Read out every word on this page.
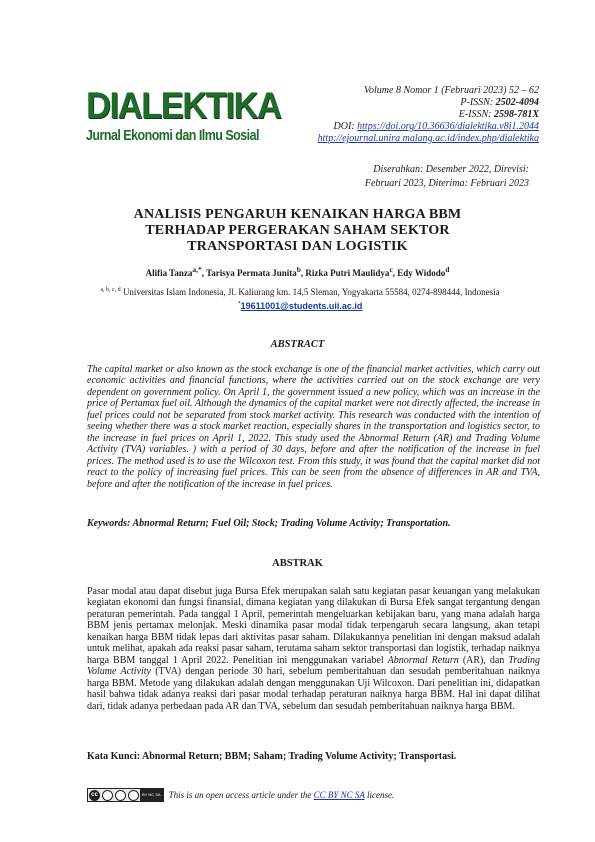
DIALEKTIKA
Jurnal Ekonomi dan Ilmu Sosial
Volume 8 Nomor 1 (Februari 2023) 52 – 62
P-ISSN: 2502-4094
E-ISSN: 2598-781X
DOI: https://doi.org/10.36636/dialektika.v8i1.2044
http://ejournal.unira malang.ac.id/index.php/dialektika
Diserahkan: Desember 2022, Direvisi:
Februari 2023, Diterima: Februari 2023
ANALISIS PENGARUH KENAIKAN HARGA BBM
TERHADAP PERGERAKAN SAHAM SEKTOR
TRANSPORTASI DAN LOGISTIK
Alifia Tanza$^{a,*}$, Tarisya Permata Junita$^b$, Rizka Putri Maulidya$^c$, Edy Widodo$^d$
$^{a, b, c, d}$ Universitas Islam Indonesia, Jl. Kaliurang km. 14,5 Sleman, Yogyakarta 55584, 0274-898444, Indonesia
*19611001@students.uii.ac.id
ABSTRACT
The capital market or also known as the stock exchange is one of the financial market activities, which carry out economic activities and financial functions, where the activities carried out on the stock exchange are very dependent on government policy. On April 1, the government issued a new policy, which was an increase in the price of Pertamax fuel oil. Although the dynamics of the capital market were not directly affected, the increase in fuel prices could not be separated from stock market activity. This research was conducted with the intention of seeing whether there was a stock market reaction, especially shares in the transportation and logistics sector, to the increase in fuel prices on April 1, 2022. This study used the Abnormal Return (AR) and Trading Volume Activity (TVA) variables. ) with a period of 30 days, before and after the notification of the increase in fuel prices. The method used is to use the Wilcoxon test. From this study, it was found that the capital market did not react to the policy of increasing fuel prices. This can be seen from the absence of differences in AR and TVA, before and after the notification of the increase in fuel prices.
Keywords: Abnormal Return; Fuel Oil; Stock; Trading Volume Activity; Transportation.
ABSTRAK
Pasar modal atau dapat disebut juga Bursa Efek merupakan salah satu kegiatan pasar keuangan yang melakukan kegiatan ekonomi dan fungsi finansial, dimana kegiatan yang dilakukan di Bursa Efek sangat tergantung dengan peraturan pemerintah. Pada tanggal 1 April, pemerintah mengeluarkan kebijakan baru, yang mana adalah harga BBM jenis pertamax melonjak. Meski dinamika pasar modal tidak terpengaruh secara langsung, akan tetapi kenaikan harga BBM tidak lepas dari aktivitas pasar saham. Dilakukannya penelitian ini dengan maksud adalah untuk melihat, apakah ada reaksi pasar saham, terutama saham sektor transportasi dan logistik, terhadap naiknya harga BBM tanggal 1 April 2022. Penelitian ini menggunakan variabel Abnormal Return (AR), dan Trading Volume Activity (TVA) dengan periode 30 hari, sebelum pemberitahuan dan sesudah pemberitahuan naiknya harga BBM. Metode yang dilakukan adalah dengan menggunakan Uji Wilcoxon. Dari penelitian ini, didapatkan hasil bahwa tidak adanya reaksi dari pasar modal terhadap peraturan naiknya harga BBM. Hal ini dapat dilihat dari, tidak adanya perbedaan pada AR dan TVA, sebelum dan sesudah pemberitahuan naiknya harga BBM.
Kata Kunci: Abnormal Return; BBM; Saham; Trading Volume Activity; Transportasi.
cc	BY NC SA This is an open access article under the CC BY NC SA license.
